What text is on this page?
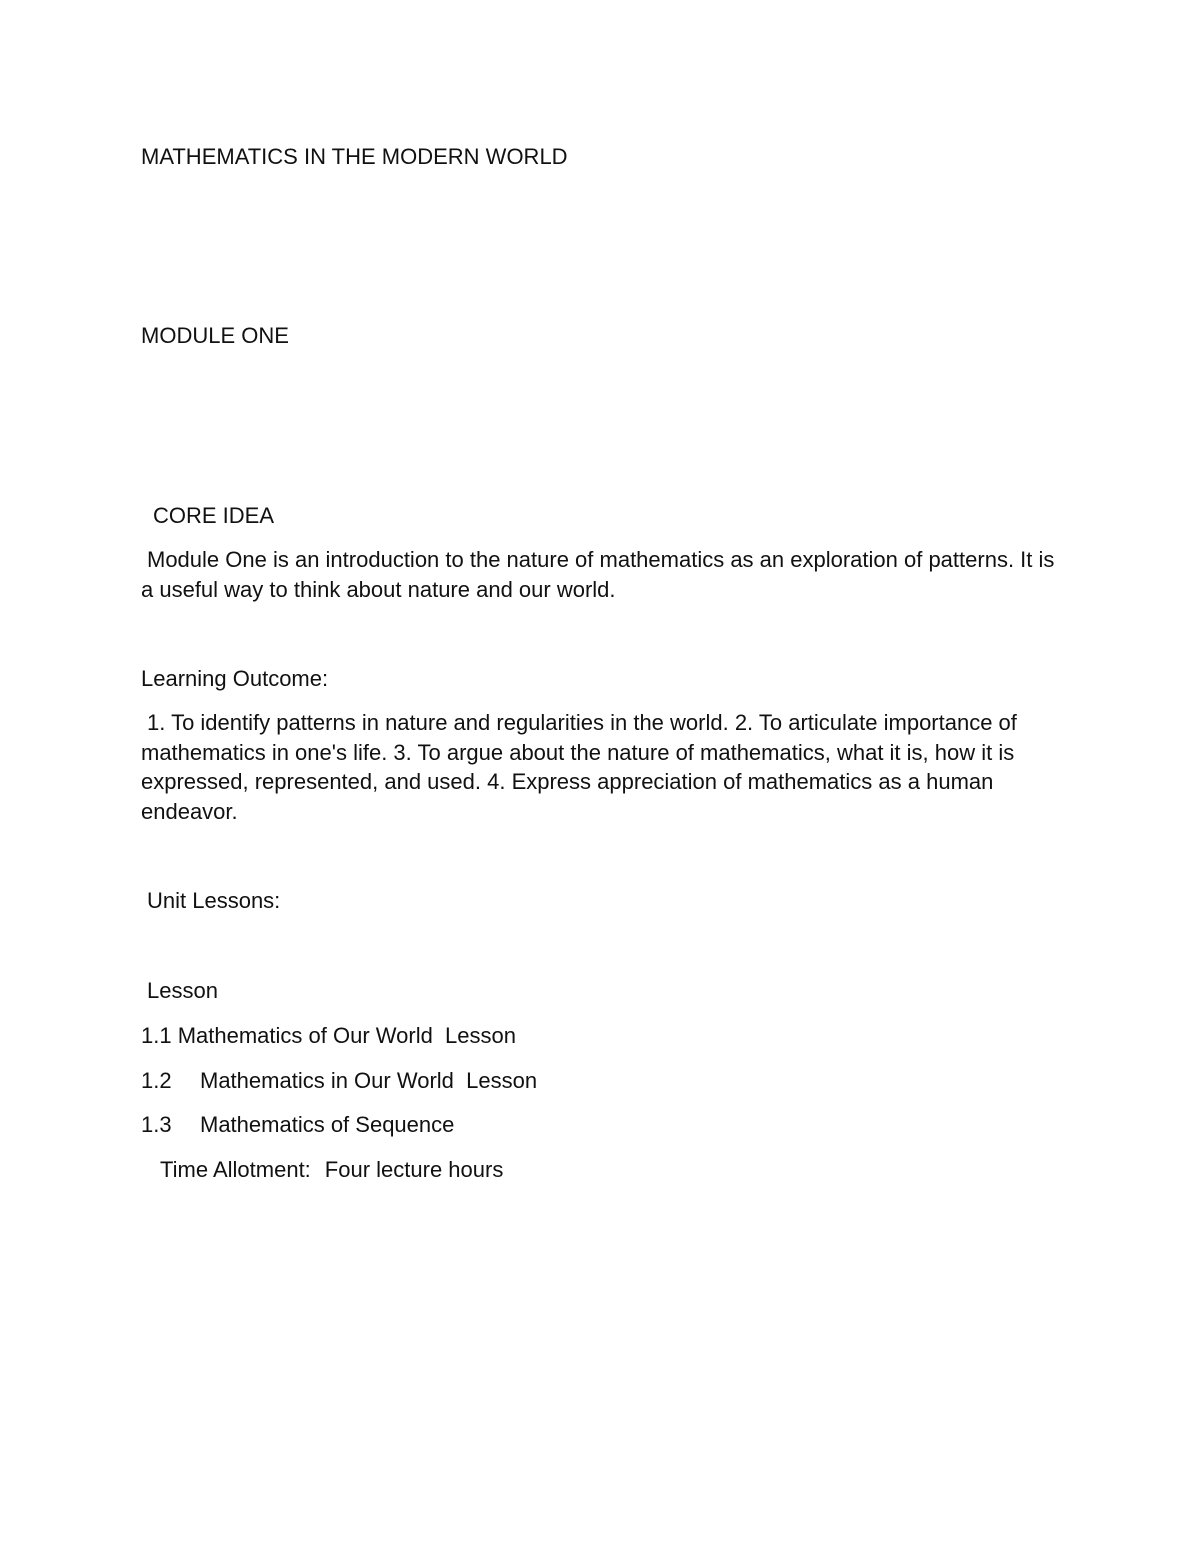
MATHEMATICS IN THE MODERN WORLD
MODULE ONE
CORE IDEA
Module One is an introduction to the nature of mathematics as an exploration of patterns. It is a useful way to think about nature and our world.
Learning Outcome:
1. To identify patterns in nature and regularities in the world. 2. To articulate importance of mathematics in one's life. 3. To argue about the nature of mathematics, what it is, how it is expressed, represented, and used. 4. Express appreciation of mathematics as a human endeavor.
Unit Lessons:
Lesson
1.1 Mathematics of Our World  Lesson
1.2 Mathematics in Our World  Lesson
1.3 Mathematics of Sequence
Time Allotment: Four lecture hours
